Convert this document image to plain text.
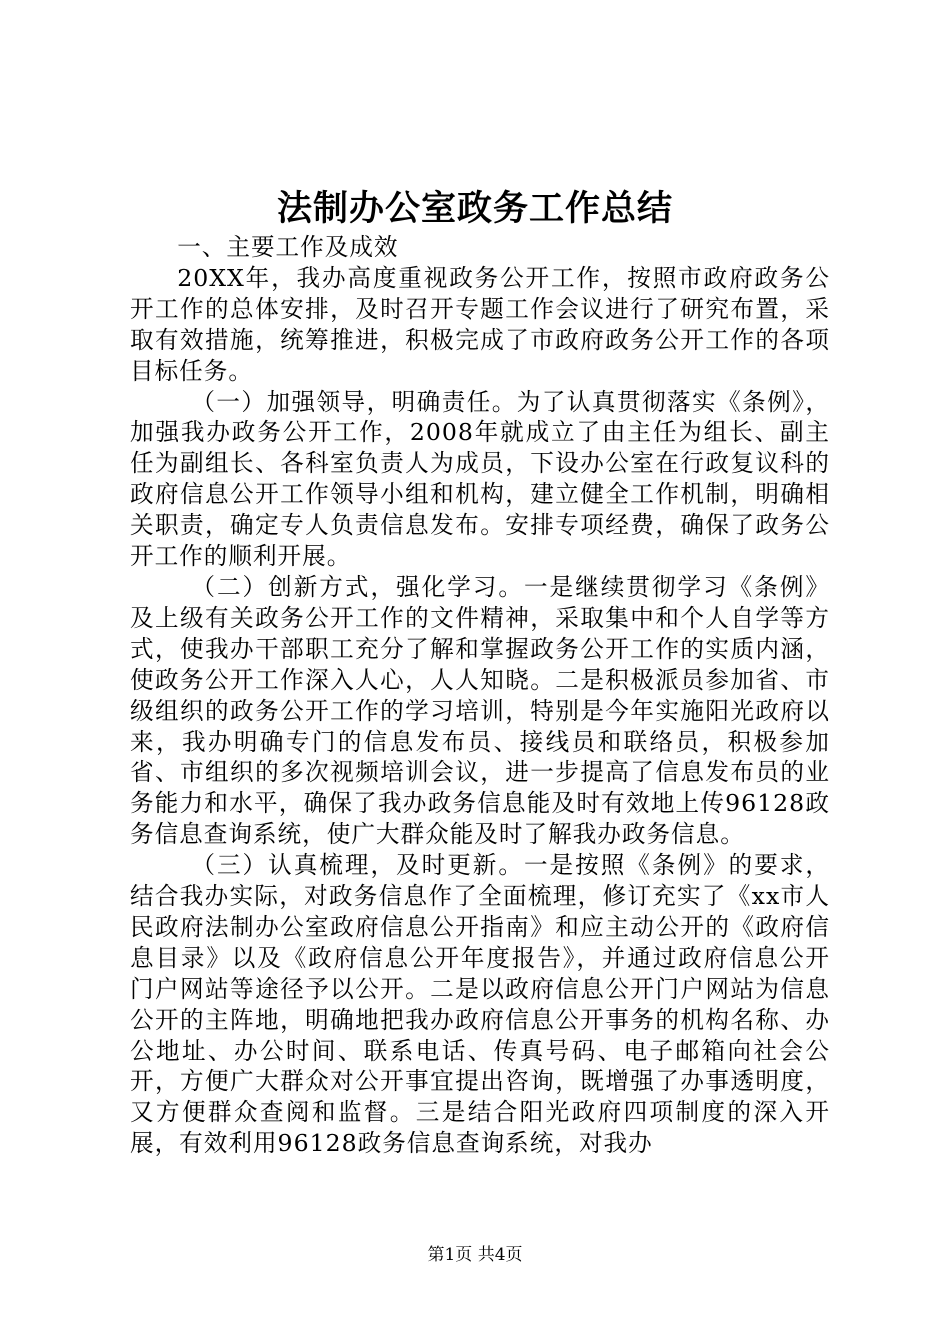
法制办公室政务工作总结

一、主要工作及成效

20XX年，我办高度重视政务公开工作，按照市政府政务公开工作的总体安排，及时召开专题工作会议进行了研究布置，采取有效措施，统筹推进，积极完成了市政府政务公开工作的各项目标任务。

（一）加强领导，明确责任。为了认真贯彻落实《条例》，加强我办政务公开工作，2008年就成立了由主任为组长、副主任为副组长、各科室负责人为成员，下设办公室在行政复议科的政府信息公开工作领导小组和机构，建立健全工作机制，明确相关职责，确定专人负责信息发布。安排专项经费，确保了政务公开工作的顺利开展。

（二）创新方式，强化学习。一是继续贯彻学习《条例》及上级有关政务公开工作的文件精神，采取集中和个人自学等方式，使我办干部职工充分了解和掌握政务公开工作的实质内涵，使政务公开工作深入人心，人人知晓。二是积极派员参加省、市级组织的政务公开工作的学习培训，特别是今年实施阳光政府以来，我办明确专门的信息发布员、接线员和联络员，积极参加省、市组织的多次视频培训会议，进一步提高了信息发布员的业务能力和水平，确保了我办政务信息能及时有效地上传96128政务信息查询系统，使广大群众能及时了解我办政务信息。

（三）认真梳理，及时更新。一是按照《条例》的要求，结合我办实际，对政务信息作了全面梳理，修订充实了《xx市人民政府法制办公室政府信息公开指南》和应主动公开的《政府信息目录》以及《政府信息公开年度报告》，并通过政府信息公开门户网站等途径予以公开。二是以政府信息公开门户网站为信息公开的主阵地，明确地把我办政府信息公开事务的机构名称、办公地址、办公时间、联系电话、传真号码、电子邮箱向社会公开，方便广大群众对公开事宜提出咨询，既增强了办事透明度，又方便群众查阅和监督。三是结合阳光政府四项制度的深入开展，有效利用96128政务信息查询系统，对我办

第1页 共4页
